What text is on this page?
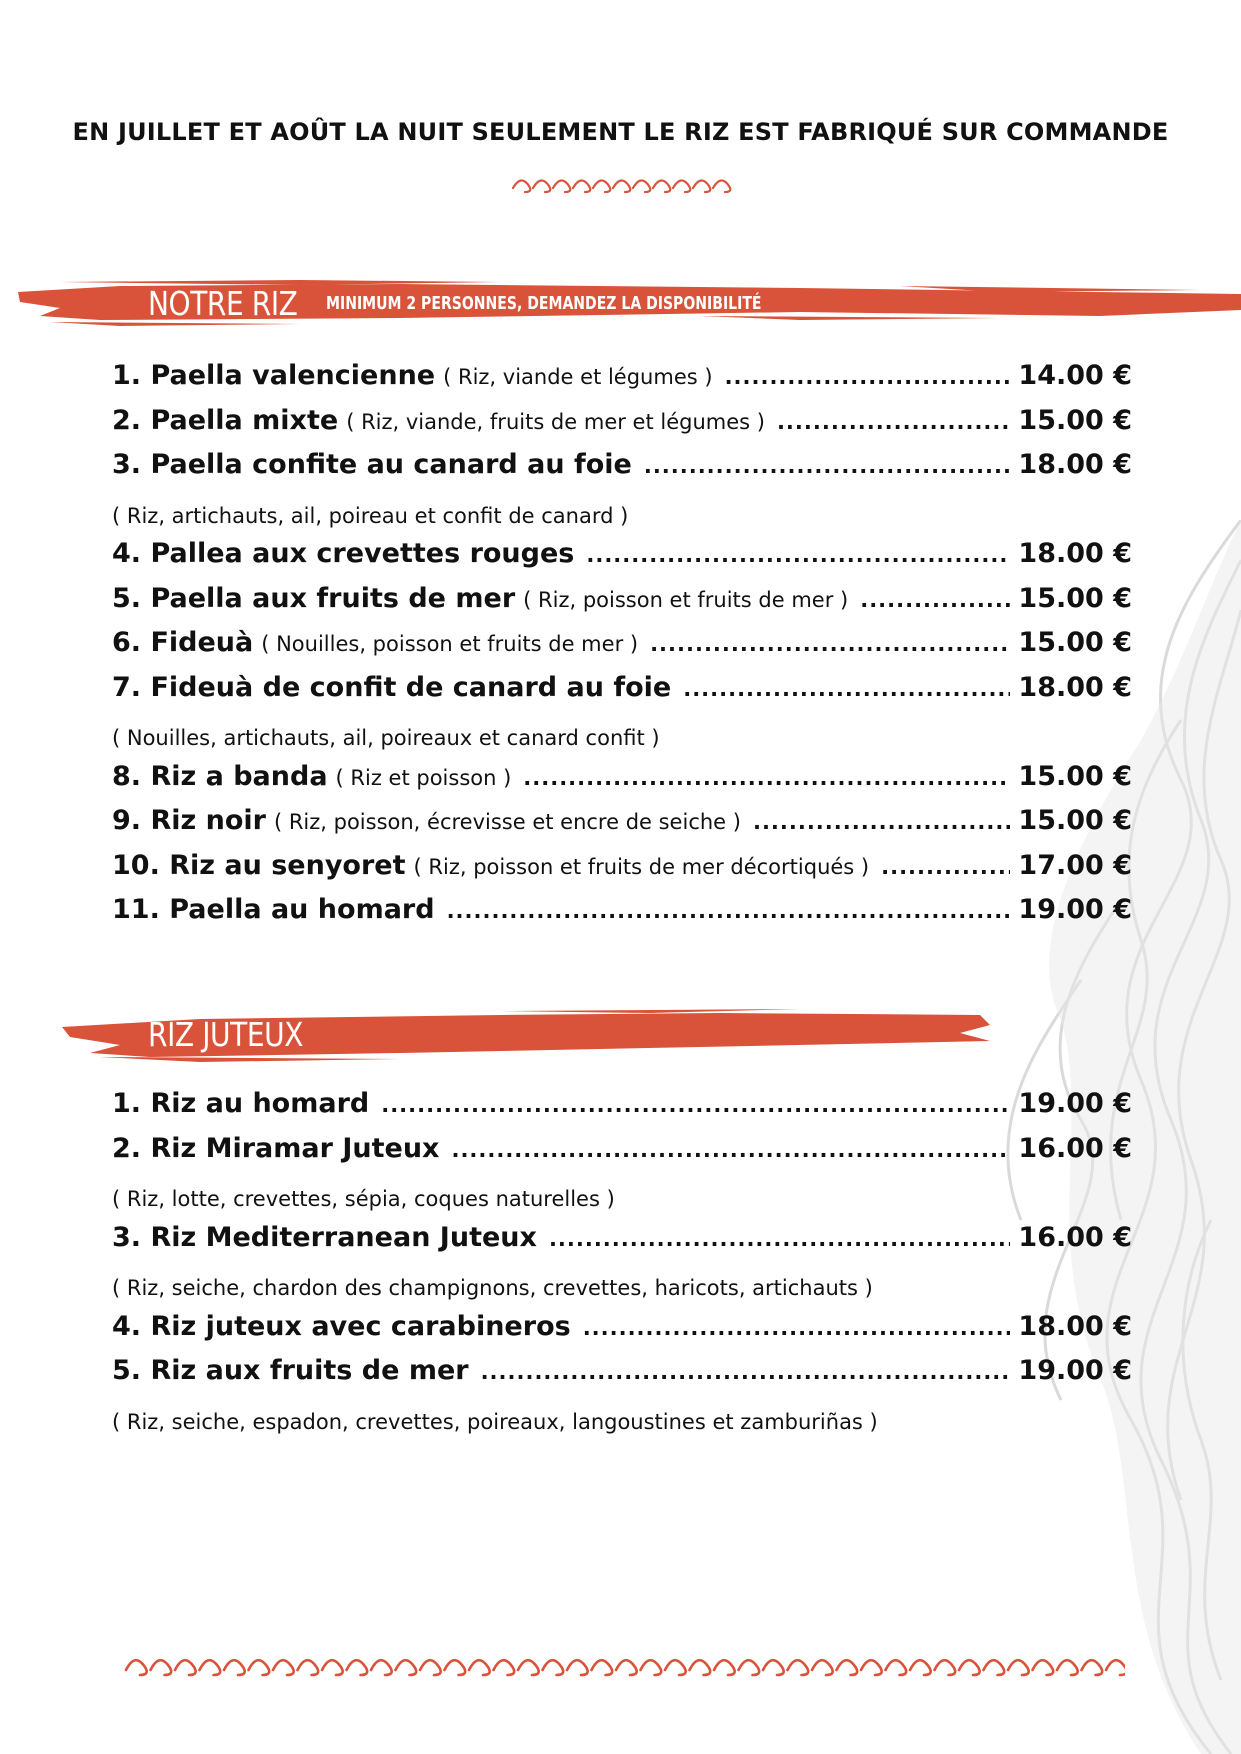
EN JUILLET ET AOÛT LA NUIT SEULEMENT LE RIZ EST FABRIQUÉ SUR COMMANDE
NOTRE RIZ MINIMUM 2 PERSONNES, DEMANDEZ LA DISPONIBILITÉ
1. Paella valencienne ( Riz, viande et légumes ) .....	14.00 €
2. Paella mixte ( Riz, viande, fruits de mer et légumes ) .....	15.00 €
3. Paella confite au canard au foie .....	18.00 €
( Riz, artichauts, ail, poireau et confit de canard )
4. Pallea aux crevettes rouges .....	18.00 €
5. Paella aux fruits de mer ( Riz, poisson et fruits de mer ) .....	15.00 €
6. Fideuà ( Nouilles, poisson et fruits de mer ) .....	15.00 €
7. Fideuà de confit de canard au foie .....	18.00 €
( Nouilles, artichauts, ail, poireaux et canard confit )
8. Riz a banda ( Riz et poisson ) .....	15.00 €
9. Riz noir ( Riz, poisson, écrevisse et encre de seiche ) .....	15.00 €
10. Riz au senyoret ( Riz, poisson et fruits de mer décortiqués ) .....	17.00 €
11. Paella au homard .....	19.00 €
RIZ JUTEUX
1. Riz au homard .....	19.00 €
2. Riz Miramar Juteux .....	16.00 €
( Riz, lotte, crevettes, sépia, coques naturelles )
3. Riz Mediterranean Juteux .....	16.00 €
( Riz, seiche, chardon des champignons, crevettes, haricots, artichauts )
4. Riz juteux avec carabineros .....	18.00 €
5. Riz aux fruits de mer .....	19.00 €
( Riz, seiche, espadon, crevettes, poireaux, langoustines et zamburiñas )
